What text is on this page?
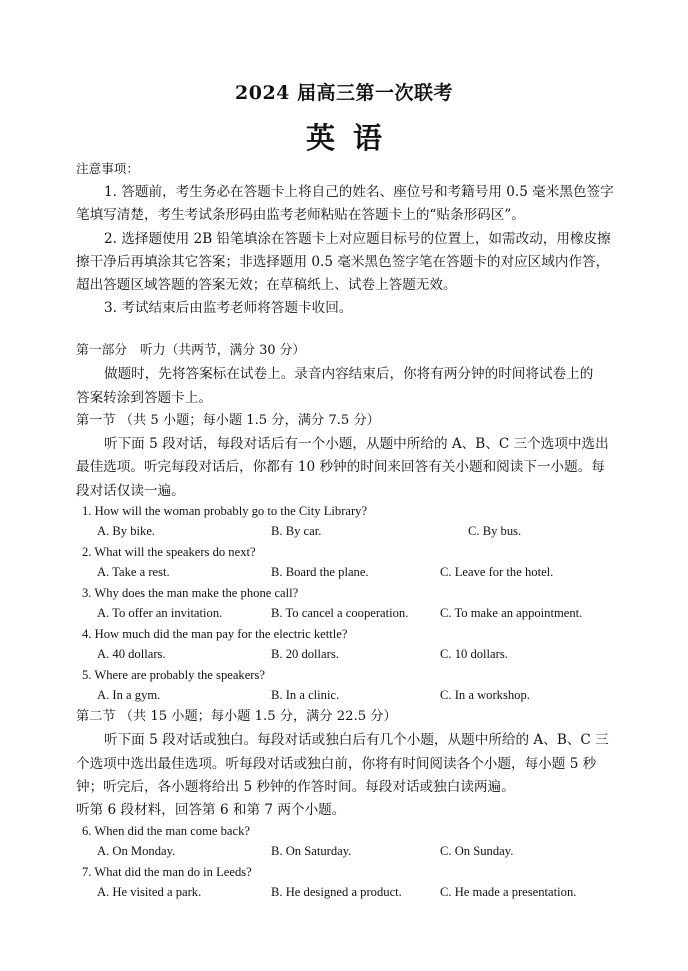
2024 届高三第一次联考
英语
注意事项：
1. 答题前，考生务必在答题卡上将自己的姓名、座位号和考籍号用 0.5 毫米黑色签字
笔填写清楚，考生考试条形码由监考老师粘贴在答题卡上的“贴条形码区”。
2. 选择题使用 2B 铅笔填涂在答题卡上对应题目标号的位置上，如需改动，用橡皮擦
擦干净后再填涂其它答案；非选择题用 0.5 毫米黑色签字笔在答题卡的对应区域内作答，
超出答题区域答题的答案无效；在草稿纸上、试卷上答题无效。
3. 考试结束后由监考老师将答题卡收回。
第一部分　听力（共两节，满分 30 分）
做题时，先将答案标在试卷上。录音内容结束后，你将有两分钟的时间将试卷上的
答案转涂到答题卡上。
第一节 （共 5 小题；每小题 1.5 分，满分 7.5 分）
听下面 5 段对话，每段对话后有一个小题，从题中所给的 A、B、C 三个选项中选出
最佳选项。听完每段对话后，你都有 10 秒钟的时间来回答有关小题和阅读下一小题。每
段对话仅读一遍。
1. How will the woman probably go to the City Library?
A. By bike.	B. By car.	C. By bus.
2. What will the speakers do next?
A. Take a rest.	B. Board the plane.	C. Leave for the hotel.
3. Why does the man make the phone call?
A. To offer an invitation.	B. To cancel a cooperation.	C. To make an appointment.
4. How much did the man pay for the electric kettle?
A. 40 dollars.	B. 20 dollars.	C. 10 dollars.
5. Where are probably the speakers?
A. In a gym.	B. In a clinic.	C. In a workshop.
第二节 （共 15 小题；每小题 1.5 分，满分 22.5 分）
听下面 5 段对话或独白。每段对话或独白后有几个小题，从题中所给的 A、B、C 三
个选项中选出最佳选项。听每段对话或独白前，你将有时间阅读各个小题，每小题 5 秒
钟；听完后，各小题将给出 5 秒钟的作答时间。每段对话或独白读两遍。
听第 6 段材料，回答第 6 和第 7 两个小题。
6. When did the man come back?
A. On Monday.	B. On Saturday.	C. On Sunday.
7. What did the man do in Leeds?
A. He visited a park.	B. He designed a product.	C. He made a presentation.
